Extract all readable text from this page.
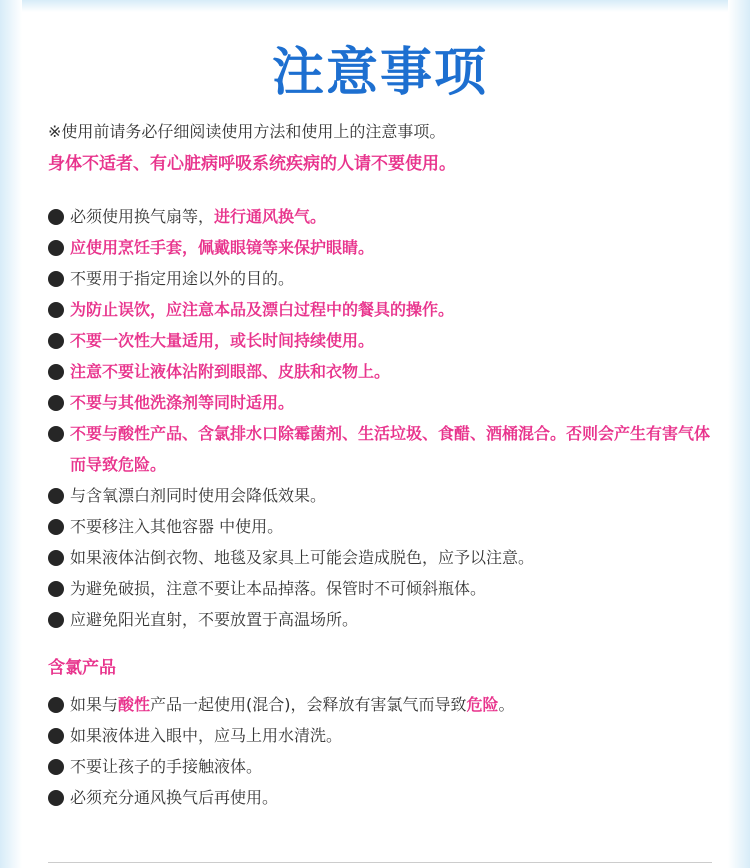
注意事项
※使用前请务必仔细阅读使用方法和使用上的注意事项。
身体不适者、有心脏病呼吸系统疾病的人请不要使用。
必须使用换气扇等，进行通风换气。
应使用烹饪手套，佩戴眼镜等来保护眼睛。
不要用于指定用途以外的目的。
为防止误饮，应注意本品及漂白过程中的餐具的操作。
不要一次性大量适用，或长时间持续使用。
注意不要让液体沾附到眼部、皮肤和衣物上。
不要与其他洗涤剂等同时适用。
不要与酸性产品、含氯排水口除霉菌剂、生活垃圾、食醋、酒桶混合。否则会产生有害气体而导致危险。
与含氧漂白剂同时使用会降低效果。
不要移注入其他容器 中使用。
如果液体沾倒衣物、地毯及家具上可能会造成脱色，应予以注意。
为避免破损，注意不要让本品掉落。保管时不可倾斜瓶体。
应避免阳光直射，不要放置于高温场所。
含氯产品
如果与酸性产品一起使用(混合)，会释放有害氯气而导致危险。
如果液体进入眼中，应马上用水清洗。
不要让孩子的手接触液体。
必须充分通风换气后再使用。
